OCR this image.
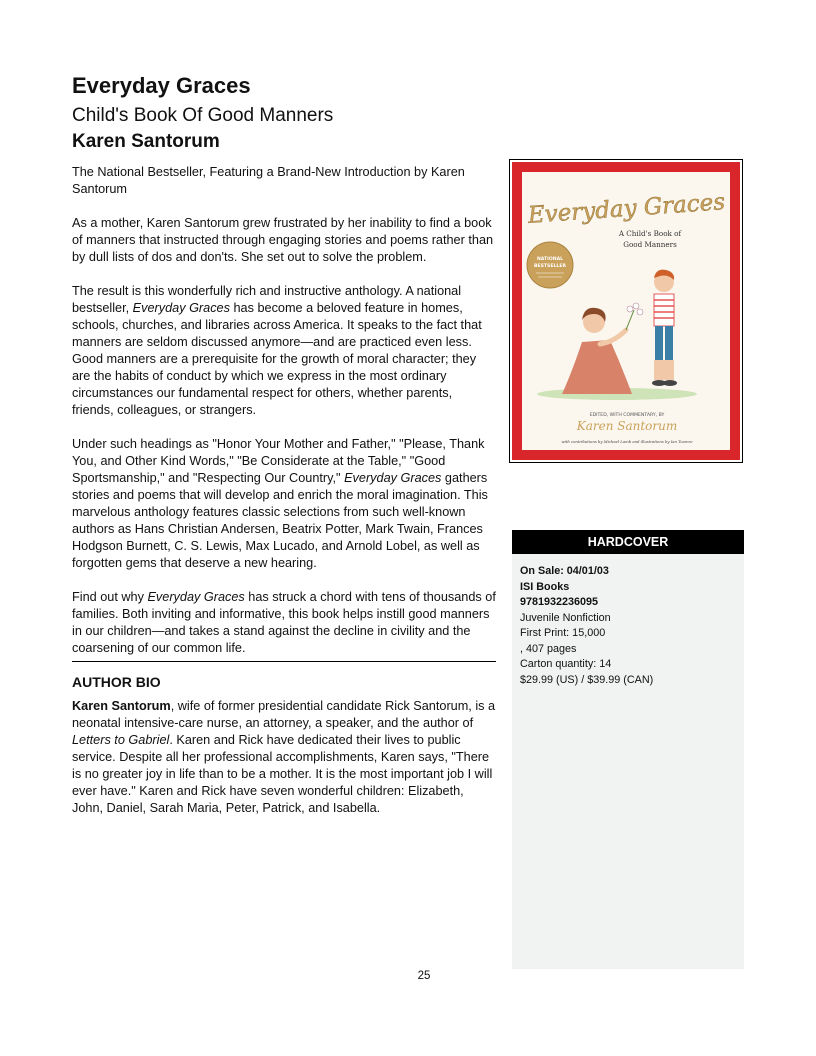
Everyday Graces
Child's Book Of Good Manners
Karen Santorum

The National Bestseller, Featuring a Brand-New Introduction by Karen Santorum

As a mother, Karen Santorum grew frustrated by her inability to find a book of manners that instructed through engaging stories and poems rather than by dull lists of dos and don'ts. She set out to solve the problem.

The result is this wonderfully rich and instructive anthology. A national bestseller, Everyday Graces has become a beloved feature in homes, schools, churches, and libraries across America. It speaks to the fact that manners are seldom discussed anymore—and are practiced even less. Good manners are a prerequisite for the growth of moral character; they are the habits of conduct by which we express in the most ordinary circumstances our fundamental respect for others, whether parents, friends, colleagues, or strangers.

Under such headings as "Honor Your Mother and Father," "Please, Thank You, and Other Kind Words," "Be Considerate at the Table," "Good Sportsmanship," and "Respecting Our Country," Everyday Graces gathers stories and poems that will develop and enrich the moral imagination. This marvelous anthology features classic selections from such well-known authors as Hans Christian Andersen, Beatrix Potter, Mark Twain, Frances Hodgson Burnett, C. S. Lewis, Max Lucado, and Arnold Lobel, as well as forgotten gems that deserve a new hearing.

Find out why Everyday Graces has struck a chord with tens of thousands of families. Both inviting and informative, this book helps instill good manners in our children—and takes a stand against the decline in civility and the coarsening of our common life.

AUTHOR BIO

Karen Santorum, wife of former presidential candidate Rick Santorum, is a neonatal intensive-care nurse, an attorney, a speaker, and the author of Letters to Gabriel. Karen and Rick have dedicated their lives to public service. Despite all her professional accomplishments, Karen says, "There is no greater joy in life than to be a mother. It is the most important job I will ever have." Karen and Rick have seven wonderful children: Elizabeth, John, Daniel, Sarah Maria, Peter, Patrick, and Isabella.

Everyday Graces
A Child's Book of
Good Manners
NATIONAL
BESTSELLER
EDITED, WITH COMMENTARY, BY
Karen Santorum
with contributions by Michael Lamb and illustrations by Ian Toomre
HARDCOVER
On Sale: 04/01/03
ISI Books
9781932236095
Juvenile Nonfiction
First Print: 15,000
, 407 pages
Carton quantity: 14
$29.99 (US) / $39.99 (CAN)
25
